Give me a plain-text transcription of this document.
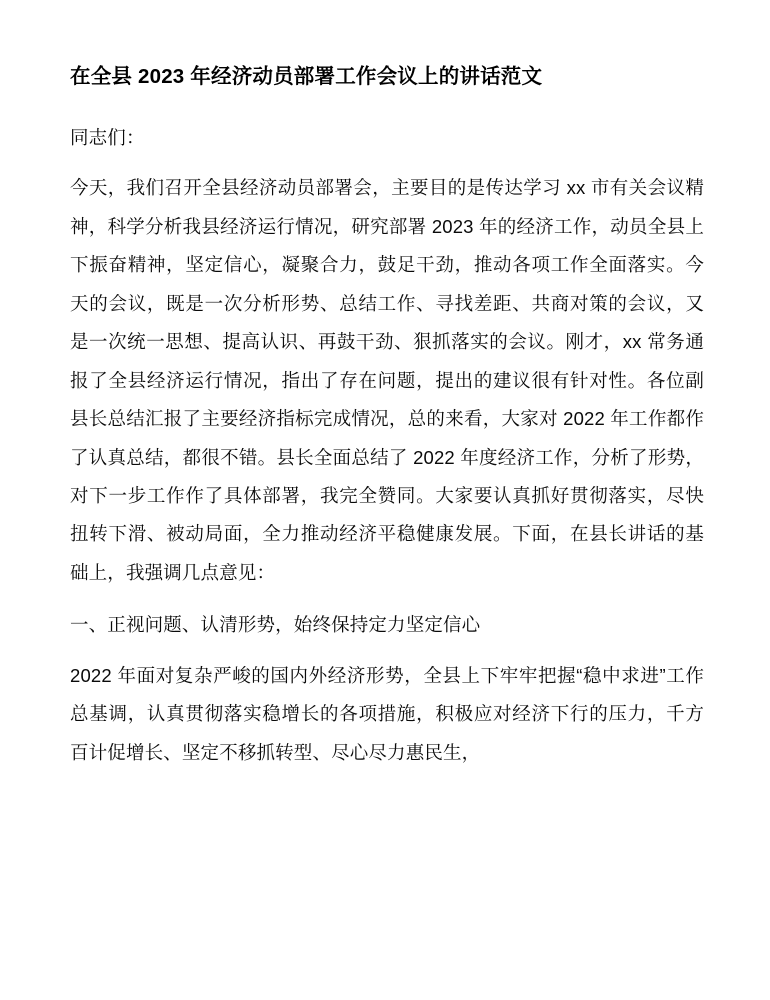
在全县 2023 年经济动员部署工作会议上的讲话范文

同志们：

今天，我们召开全县经济动员部署会，主要目的是传达学习 xx 市有关会议精神，科学分析我县经济运行情况，研究部署 2023 年的经济工作，动员全县上下振奋精神，坚定信心，凝聚合力，鼓足干劲，推动各项工作全面落实。今天的会议，既是一次分析形势、总结工作、寻找差距、共商对策的会议，又是一次统一思想、提高认识、再鼓干劲、狠抓落实的会议。刚才，xx 常务通报了全县经济运行情况，指出了存在问题，提出的建议很有针对性。各位副县长总结汇报了主要经济指标完成情况，总的来看，大家对 2022 年工作都作了认真总结，都很不错。县长全面总结了 2022 年度经济工作，分析了形势，对下一步工作作了具体部署，我完全赞同。大家要认真抓好贯彻落实，尽快扭转下滑、被动局面，全力推动经济平稳健康发展。下面，在县长讲话的基础上，我强调几点意见：

一、正视问题、认清形势，始终保持定力坚定信心

2022 年面对复杂严峻的国内外经济形势，全县上下牢牢把握“稳中求进”工作总基调，认真贯彻落实稳增长的各项措施，积极应对经济下行的压力，千方百计促增长、坚定不移抓转型、尽心尽力惠民生，
